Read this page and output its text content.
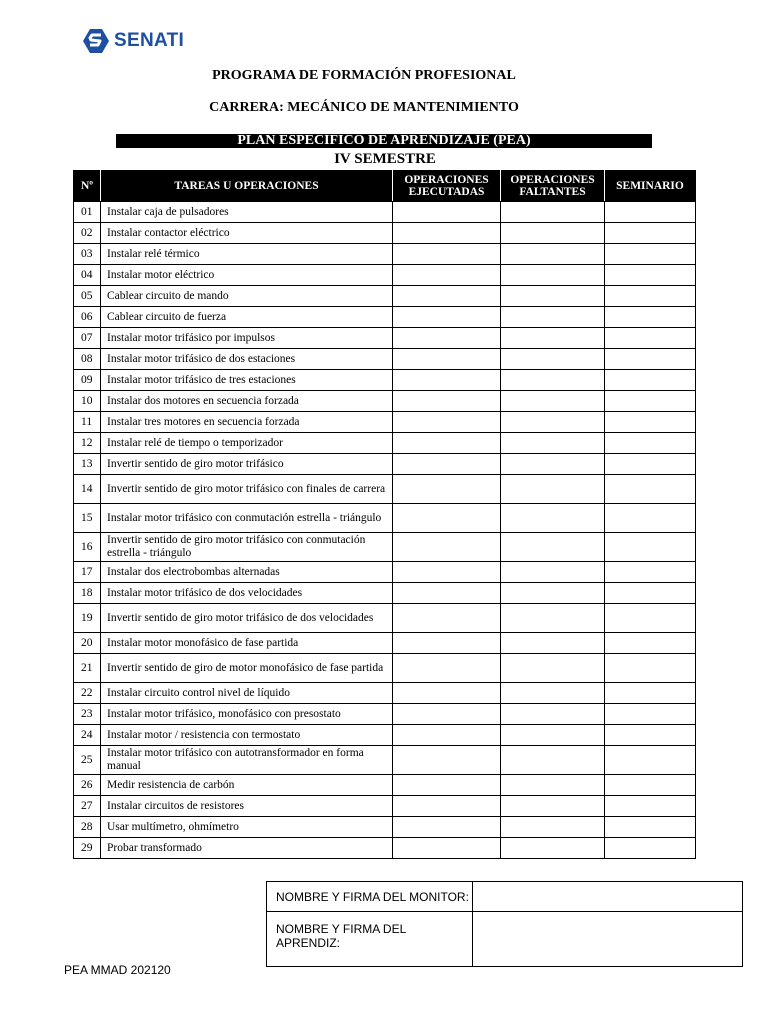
SENATI
PROGRAMA DE FORMACIÓN PROFESIONAL
CARRERA: MECÁNICO DE MANTENIMIENTO
PLAN ESPECÍFICO DE APRENDIZAJE (PEA)
IV SEMESTRE
Nº	TAREAS U OPERACIONES	OPERACIONES EJECUTADAS	OPERACIONES FALTANTES	SEMINARIO
01	Instalar caja de pulsadores			
02	Instalar contactor eléctrico			
03	Instalar relé térmico			
04	Instalar motor eléctrico			
05	Cablear circuito de mando			
06	Cablear circuito de fuerza			
07	Instalar motor trifásico por impulsos			
08	Instalar motor trifásico de dos estaciones			
09	Instalar motor trifásico de tres estaciones			
10	Instalar dos motores en secuencia forzada			
11	Instalar tres motores en secuencia forzada			
12	Instalar relé de tiempo o temporizador			
13	Invertir sentido de giro motor trifásico			
14	Invertir sentido de giro motor trifásico con finales de carrera			
15	Instalar motor trifásico con conmutación estrella - triángulo			
16	Invertir sentido de giro motor trifásico con conmutación estrella - triángulo			
17	Instalar dos electrobombas alternadas			
18	Instalar motor trifásico de dos velocidades			
19	Invertir sentido de giro motor trifásico de dos velocidades			
20	Instalar motor monofásico de fase partida			
21	Invertir sentido de giro de motor monofásico de fase partida			
22	Instalar circuito control nivel de líquido			
23	Instalar motor trifásico, monofásico con presostato			
24	Instalar motor / resistencia con termostato			
25	Instalar motor trifásico con autotransformador en forma manual			
26	Medir resistencia de carbón			
27	Instalar circuitos de resistores			
28	Usar multímetro, ohmímetro			
29	Probar transformado			
NOMBRE Y FIRMA DEL MONITOR:	
NOMBRE Y FIRMA DEL APRENDIZ:	
PEA MMAD 202120
